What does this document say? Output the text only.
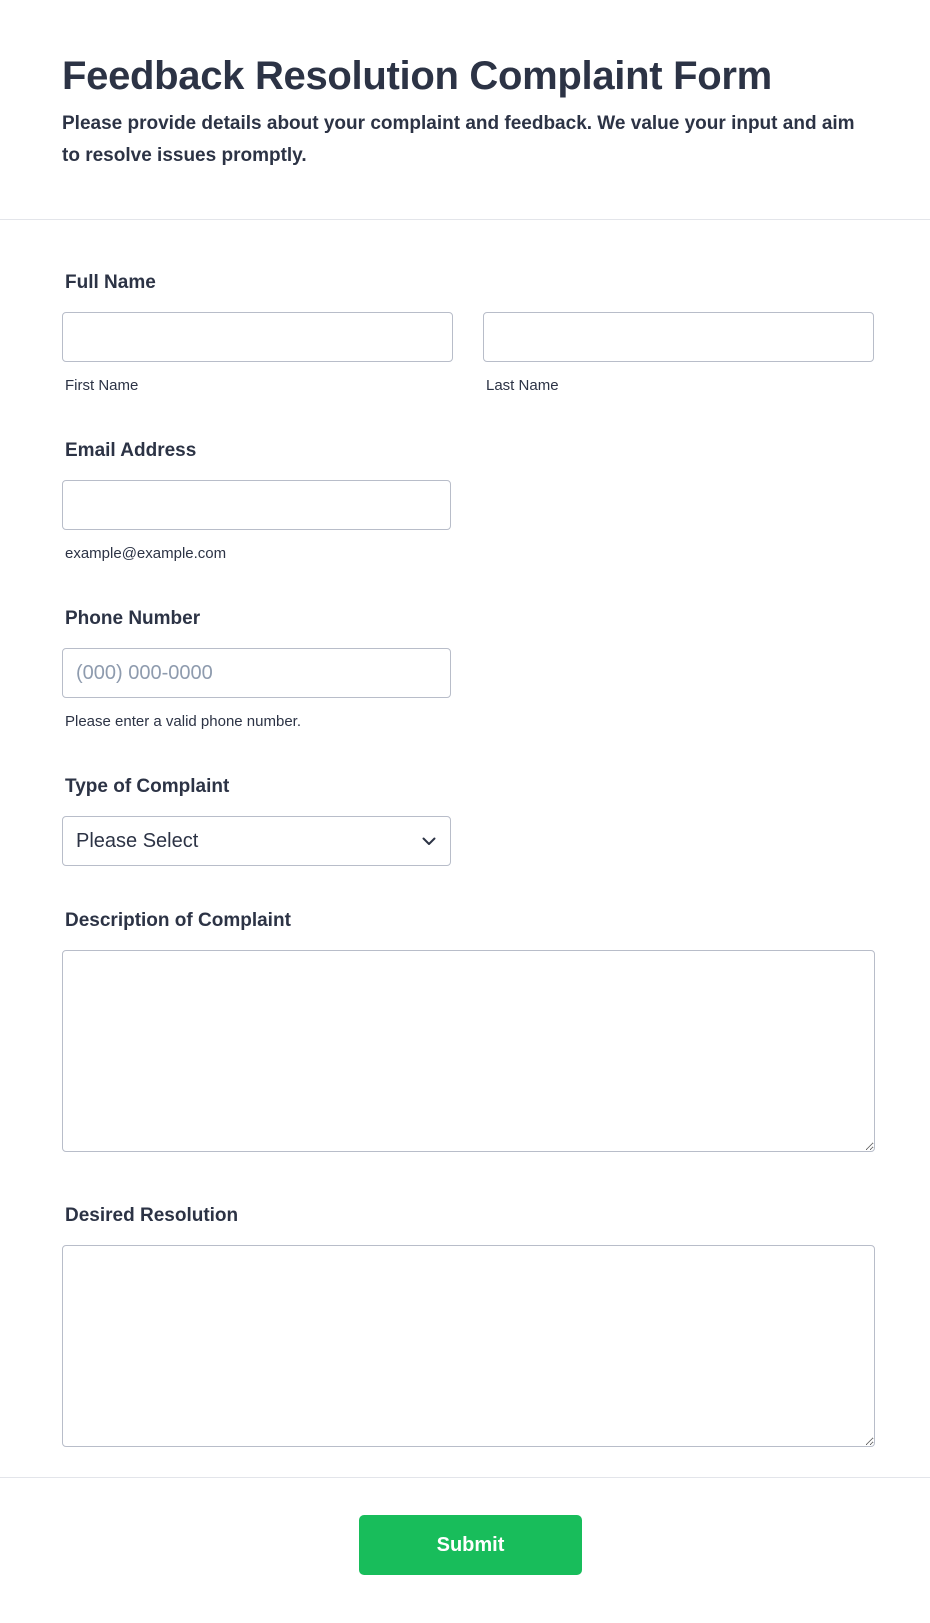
Feedback Resolution Complaint Form

Please provide details about your complaint and feedback. We value your input and aim to resolve issues promptly.

Full Name
First Name	Last Name
Email Address
example@example.com
Phone Number
(000) 000-0000
Please enter a valid phone number.
Type of Complaint
Please Select
Description of Complaint
Desired Resolution
Submit
